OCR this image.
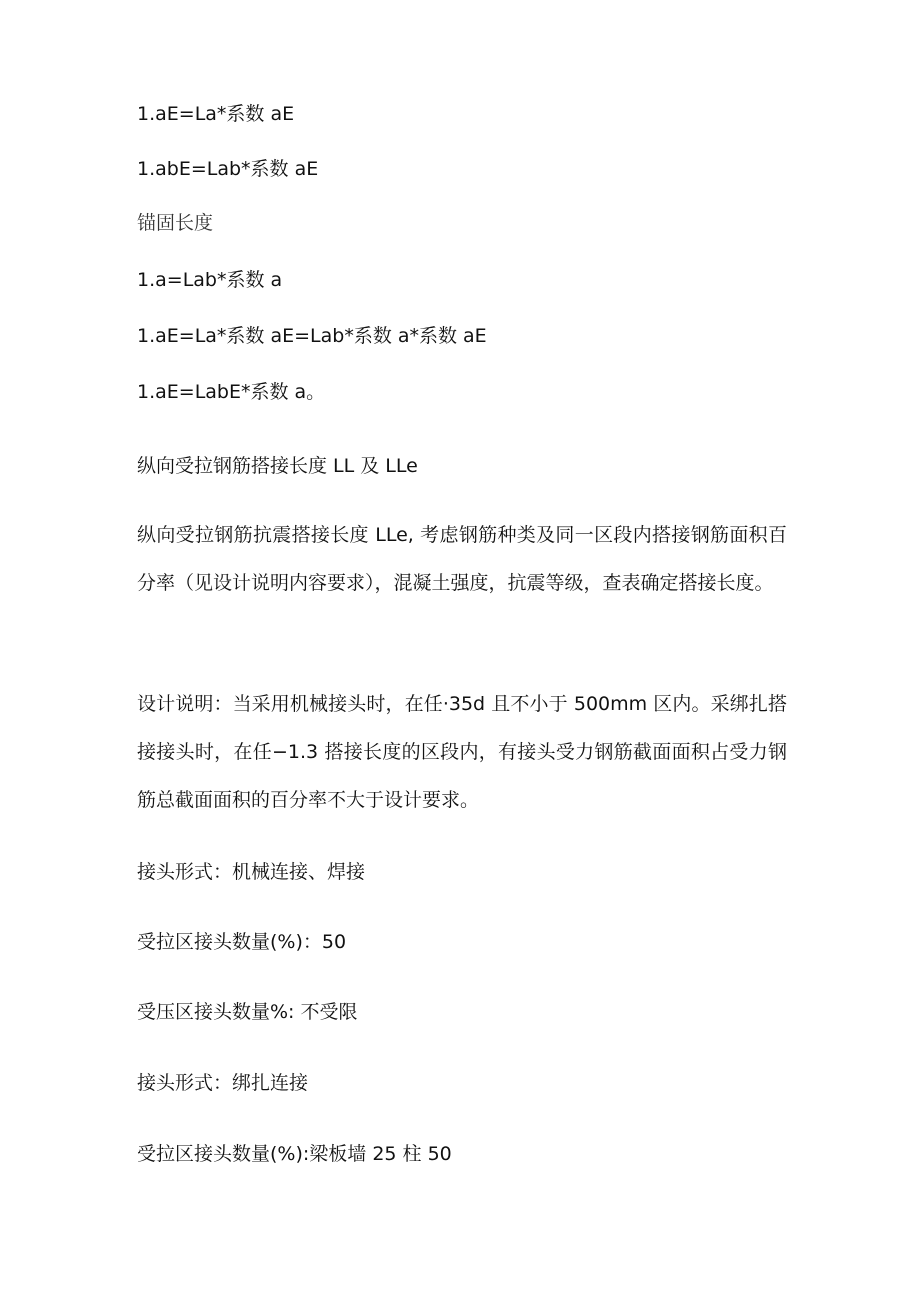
1.aE=La*系数 aE

1.abE=Lab*系数 aE

锚固长度

1.a=Lab*系数 a

1.aE=La*系数 aE=Lab*系数 a*系数 aE

1.aE=LabE*系数 a。

纵向受拉钢筋搭接长度 LL 及 LLe

纵向受拉钢筋抗震搭接长度 LLe, 考虑钢筋种类及同一区段内搭接钢筋面积百分率（见设计说明内容要求），混凝土强度，抗震等级，查表确定搭接长度。

设计说明：当采用机械接头时，在任·35d 且不小于 500mm 区内。采绑扎搭接接头时，在任−1.3 搭接长度的区段内，有接头受力钢筋截面面积占受力钢筋总截面面积的百分率不大于设计要求。

接头形式：机械连接、焊接

受拉区接头数量(%)：50

受压区接头数量%: 不受限

接头形式：绑扎连接

受拉区接头数量(%):梁板墙 25 柱 50
